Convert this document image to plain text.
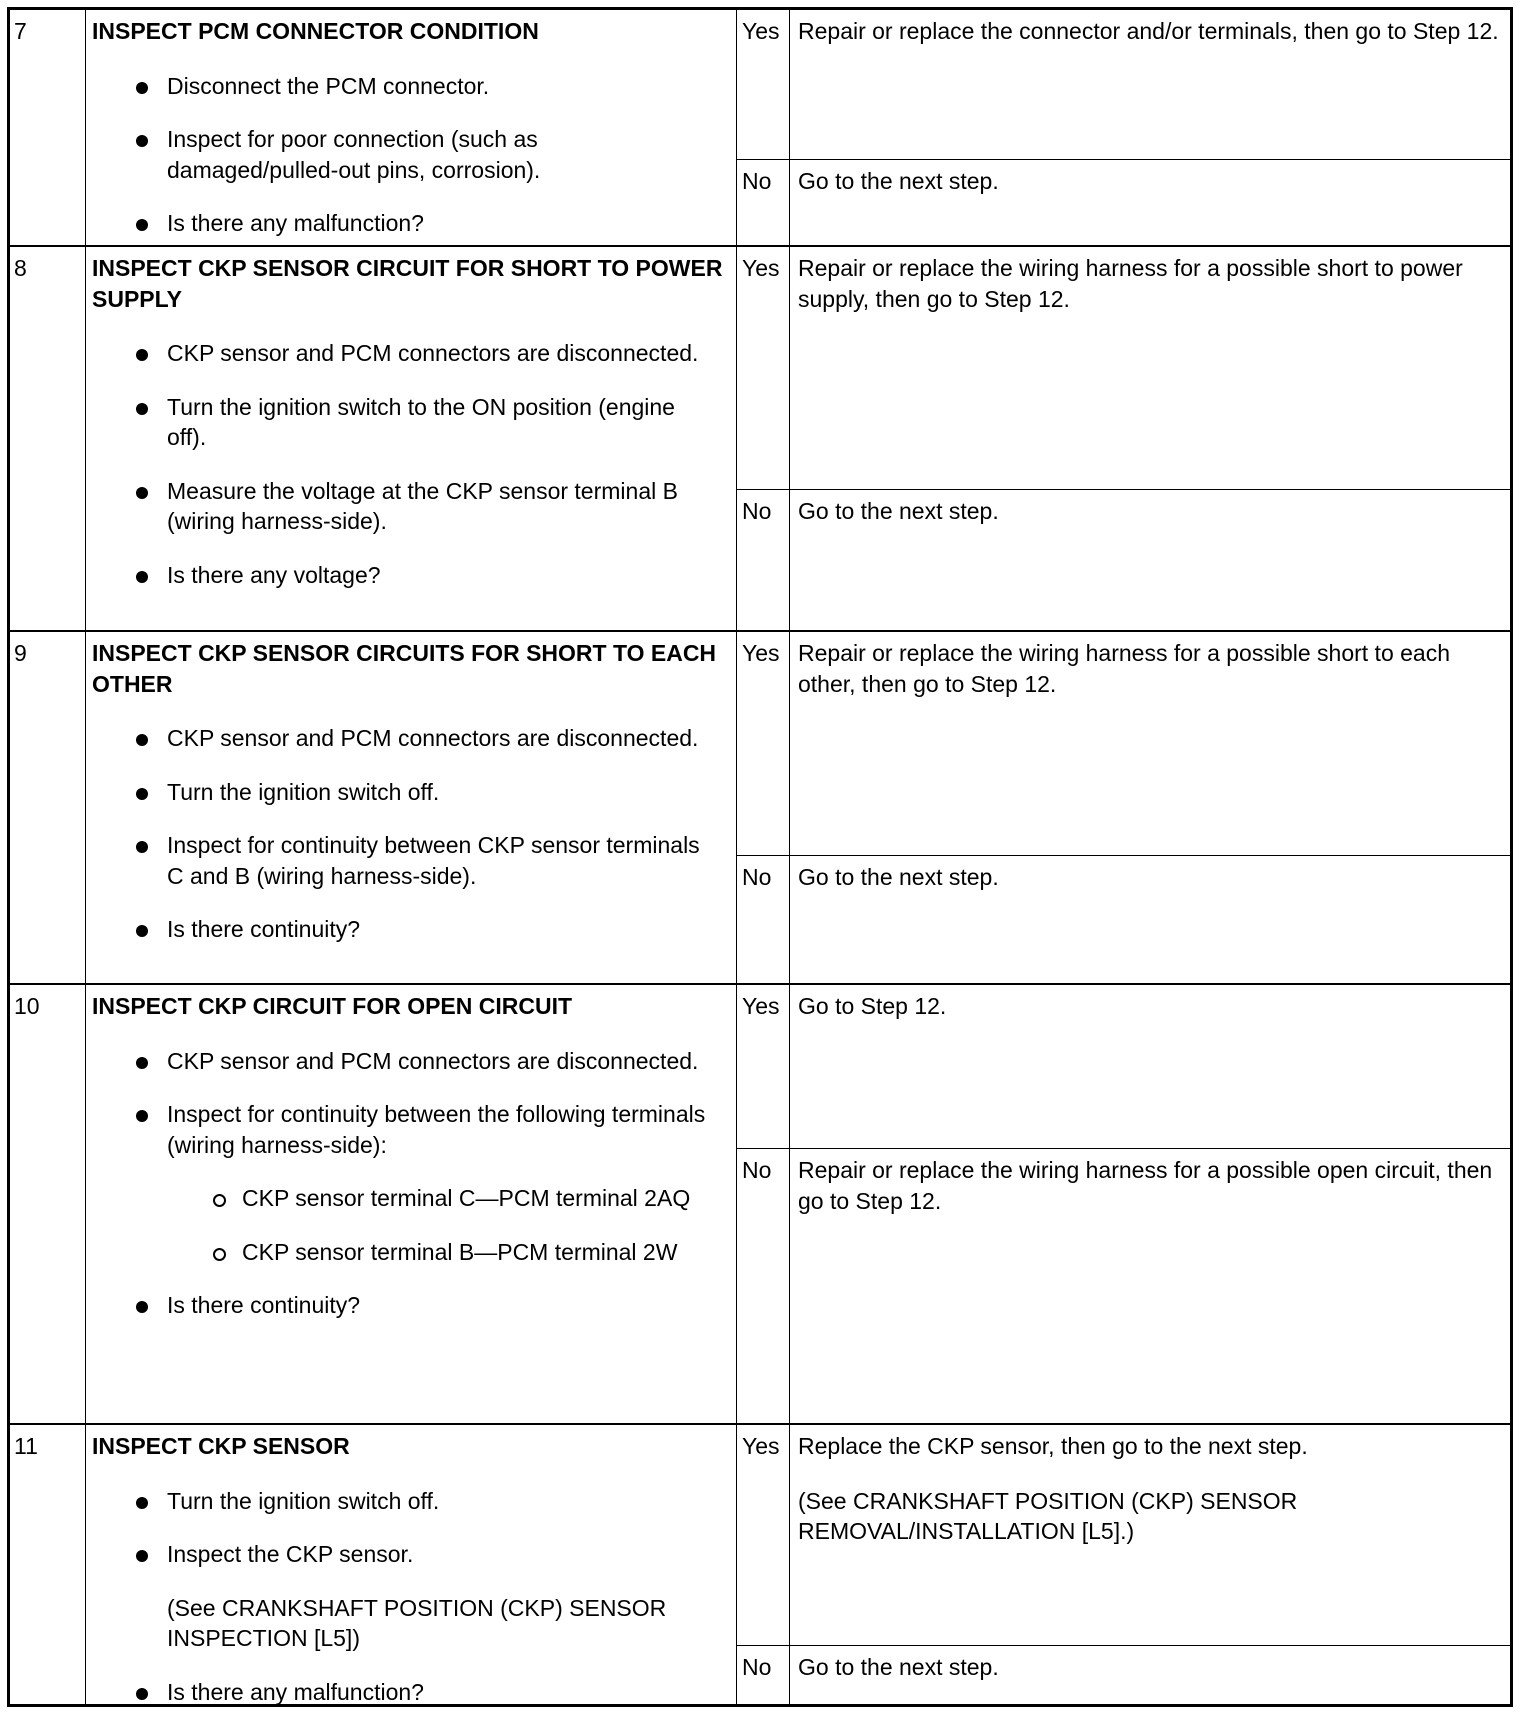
7	INSPECT PCM CONNECTOR CONDITION
Disconnect the PCM connector.
Inspect for poor connection (such as damaged/pulled-out pins, corrosion).
Is there any malfunction?
Yes Repair or replace the connector and/or terminals, then go to Step 12.

No	Go to the next step.
8	INSPECT CKP SENSOR CIRCUIT FOR SHORT TO POWER SUPPLY
CKP sensor and PCM connectors are disconnected.
Turn the ignition switch to the ON position (engine off).
Measure the voltage at the CKP sensor terminal B (wiring harness-side).
Is there any voltage?
Yes Repair or replace the wiring harness for a possible short to power supply, then go to Step 12.

No	Go to the next step.
9	INSPECT CKP SENSOR CIRCUITS FOR SHORT TO EACH OTHER
CKP sensor and PCM connectors are disconnected.
Turn the ignition switch off.
Inspect for continuity between CKP sensor terminals C and B (wiring harness-side).
Is there continuity?
Yes Repair or replace the wiring harness for a possible short to each other, then go to Step 12.

No	Go to the next step.
10	INSPECT CKP CIRCUIT FOR OPEN CIRCUIT
CKP sensor and PCM connectors are disconnected.
Inspect for continuity between the following terminals (wiring harness-side):
CKP sensor terminal C—PCM terminal 2AQ
CKP sensor terminal B—PCM terminal 2W
Is there continuity?
Yes Go to Step 12.

No	Repair or replace the wiring harness for a possible open circuit, then go to Step 12.
11	INSPECT CKP SENSOR
Turn the ignition switch off.
Inspect the CKP sensor.
(See CRANKSHAFT POSITION (CKP) SENSOR INSPECTION [L5])
Is there any malfunction?
Yes Replace the CKP sensor, then go to the next step.

(See CRANKSHAFT POSITION (CKP) SENSOR REMOVAL/INSTALLATION [L5].)

No	Go to the next step.
